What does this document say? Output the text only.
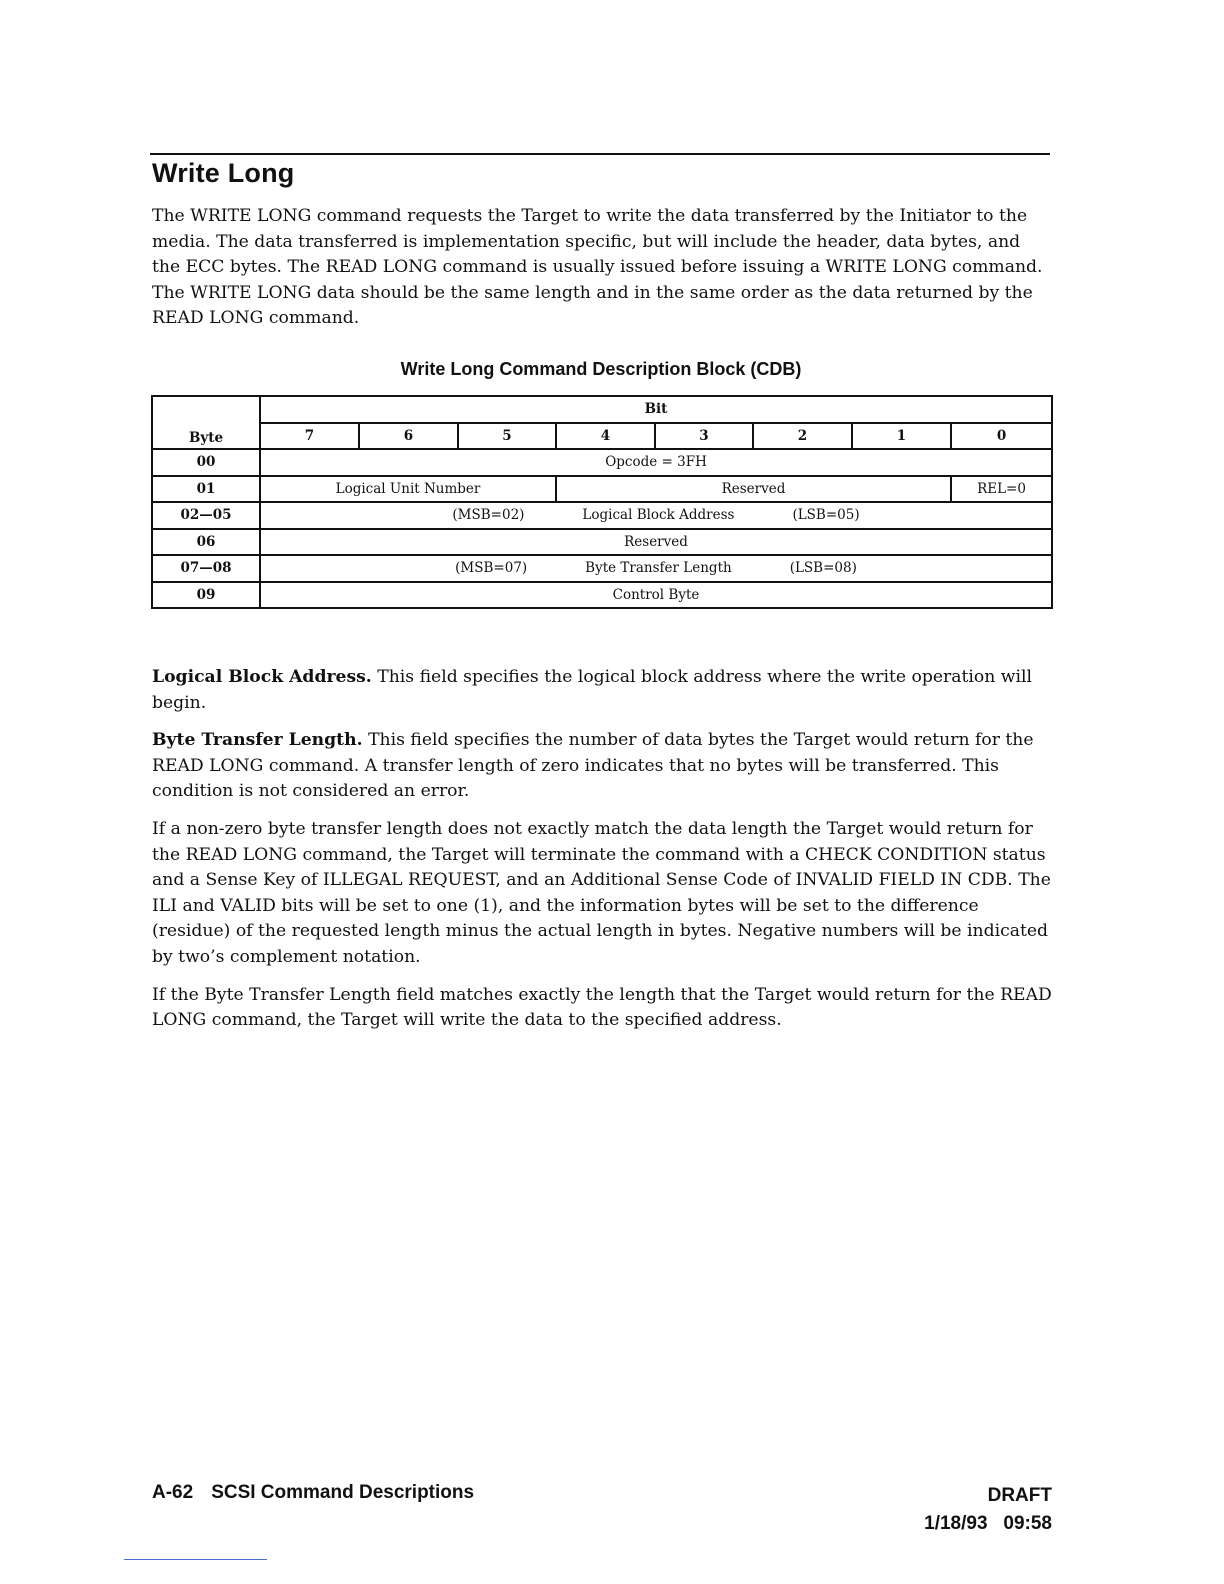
Write Long

The WRITE LONG command requests the Target to write the data transferred by the Initiator to the media. The data transferred is implementation specific, but will include the header, data bytes, and the ECC bytes. The READ LONG command is usually issued before issuing a WRITE LONG command. The WRITE LONG data should be the same length and in the same order as the data returned by the READ LONG command.

Write Long Command Description Block (CDB)
Byte	Bit							
	7	6	5	4	3	2	1	0
00	Opcode = 3FH							
01	Logical Unit Number			Reserved				REL=0
02—05	(MSB=02) Logical Block Address (LSB=05)							

06	Reserved							
07—08	(MSB=07) Byte Transfer Length (LSB=08)							

09	Control Byte							

Logical Block Address. This field specifies the logical block address where the write operation will begin.

Byte Transfer Length. This field specifies the number of data bytes the Target would return for the READ LONG command. A transfer length of zero indicates that no bytes will be transferred. This condition is not considered an error.

If a non-zero byte transfer length does not exactly match the data length the Target would return for the READ LONG command, the Target will terminate the command with a CHECK CONDITION status and a Sense Key of ILLEGAL REQUEST, and an Additional Sense Code of INVALID FIELD IN CDB. The ILI and VALID bits will be set to one (1), and the information bytes will be set to the difference (residue) of the requested length minus the actual length in bytes. Negative numbers will be indicated by two’s complement notation.

If the Byte Transfer Length field matches exactly the length that the Target would return for the READ LONG command, the Target will write the data to the specified address.

A-62 SCSI Command Descriptions	DRAFT
1/18/93 09:58
